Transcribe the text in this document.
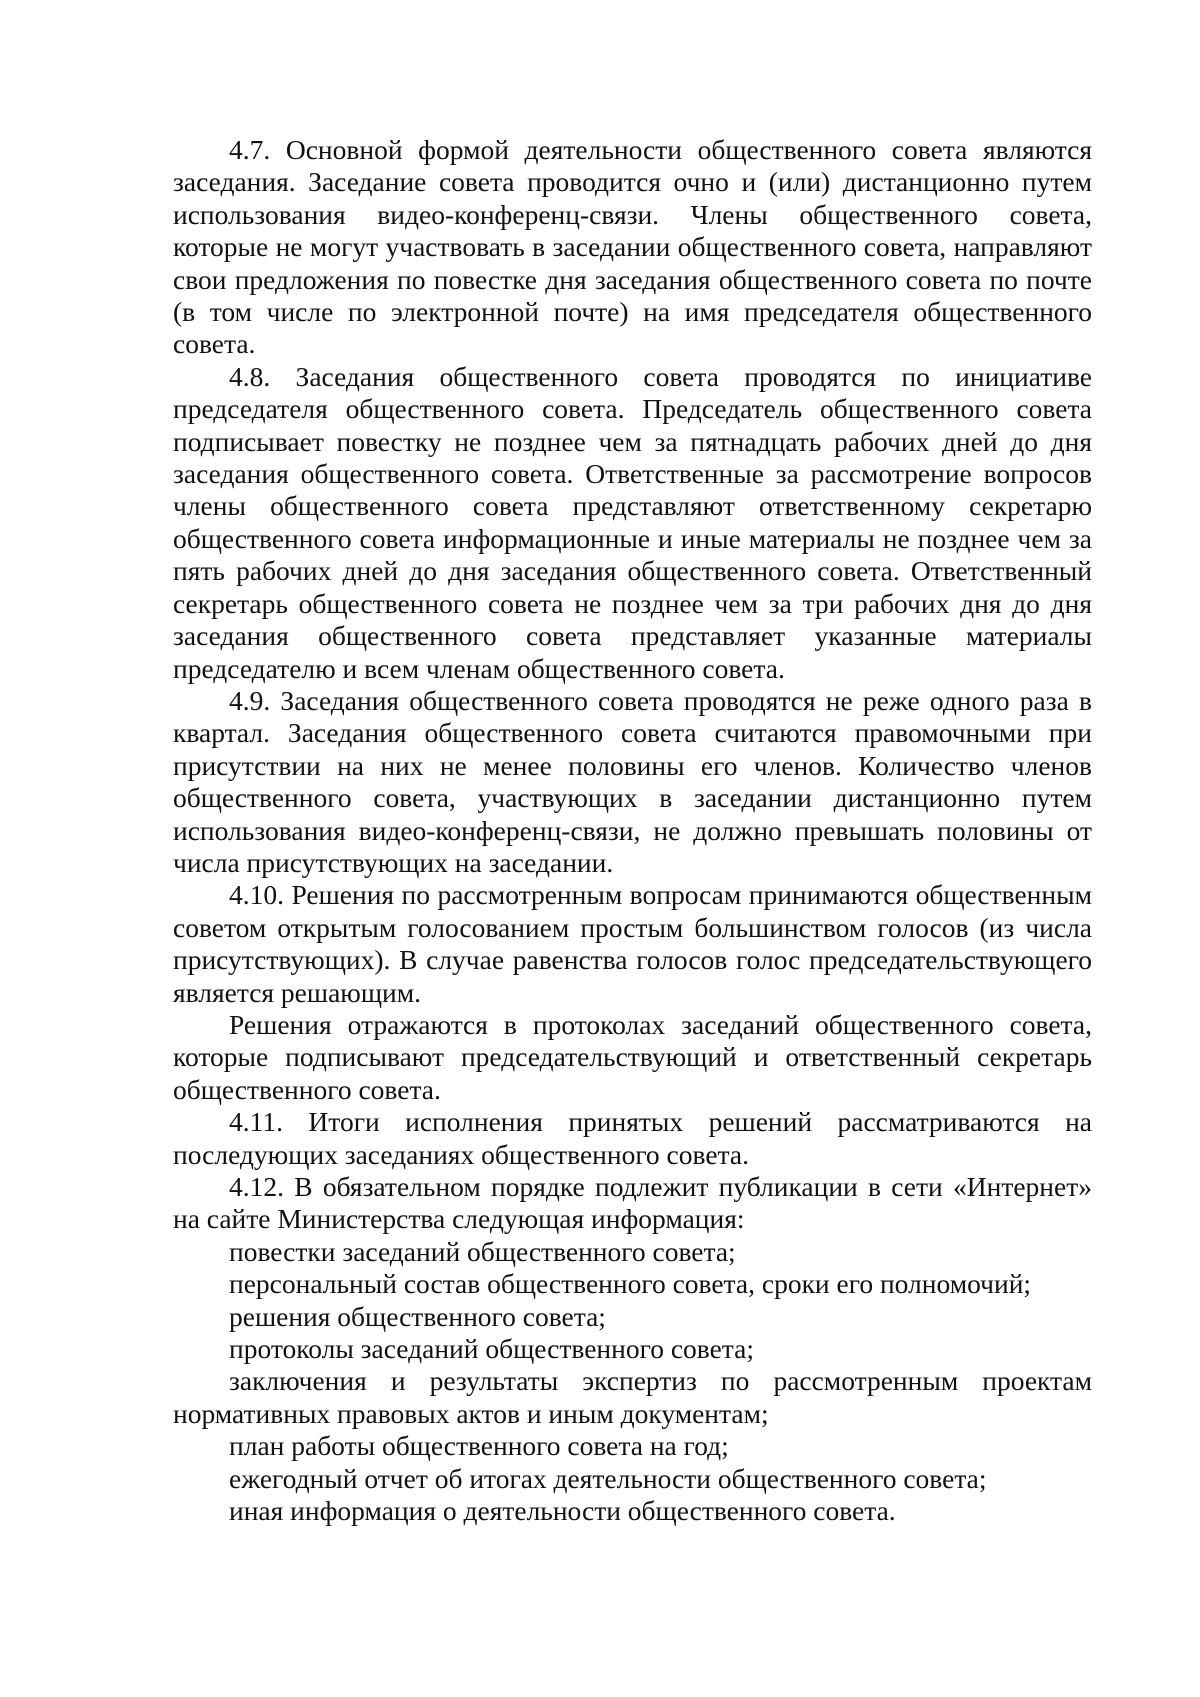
4.7. Основной формой деятельности общественного совета являются заседания. Заседание совета проводится очно и (или) дистанционно путем использования видео-конференц-связи. Члены общественного совета, которые не могут участвовать в заседании общественного совета, направляют свои предложения по повестке дня заседания общественного совета по почте (в том числе по электронной почте) на имя председателя общественного совета.

4.8. Заседания общественного совета проводятся по инициативе председателя общественного совета. Председатель общественного совета подписывает повестку не позднее чем за пятнадцать рабочих дней до дня заседания общественного совета. Ответственные за рассмотрение вопросов члены общественного совета представляют ответственному секретарю общественного совета информационные и иные материалы не позднее чем за пять рабочих дней до дня заседания общественного совета. Ответственный секретарь общественного совета не позднее чем за три рабочих дня до дня заседания общественного совета представляет указанные материалы председателю и всем членам общественного совета.

4.9. Заседания общественного совета проводятся не реже одного раза в квартал. Заседания общественного совета считаются правомочными при присутствии на них не менее половины его членов. Количество членов общественного совета, участвующих в заседании дистанционно путем использования видео-конференц-связи, не должно превышать половины от числа присутствующих на заседании.

4.10. Решения по рассмотренным вопросам принимаются общественным советом открытым голосованием простым большинством голосов (из числа присутствующих). В случае равенства голосов голос председательствующего является решающим.

Решения отражаются в протоколах заседаний общественного совета, которые подписывают председательствующий и ответственный секретарь общественного совета.

4.11. Итоги исполнения принятых решений рассматриваются на последующих заседаниях общественного совета.

4.12. В обязательном порядке подлежит публикации в сети «Интернет» на сайте Министерства следующая информация:

повестки заседаний общественного совета;

персональный состав общественного совета, сроки его полномочий;

решения общественного совета;

протоколы заседаний общественного совета;

заключения и результаты экспертиз по рассмотренным проектам нормативных правовых актов и иным документам;

план работы общественного совета на год;

ежегодный отчет об итогах деятельности общественного совета;

иная информация о деятельности общественного совета.
